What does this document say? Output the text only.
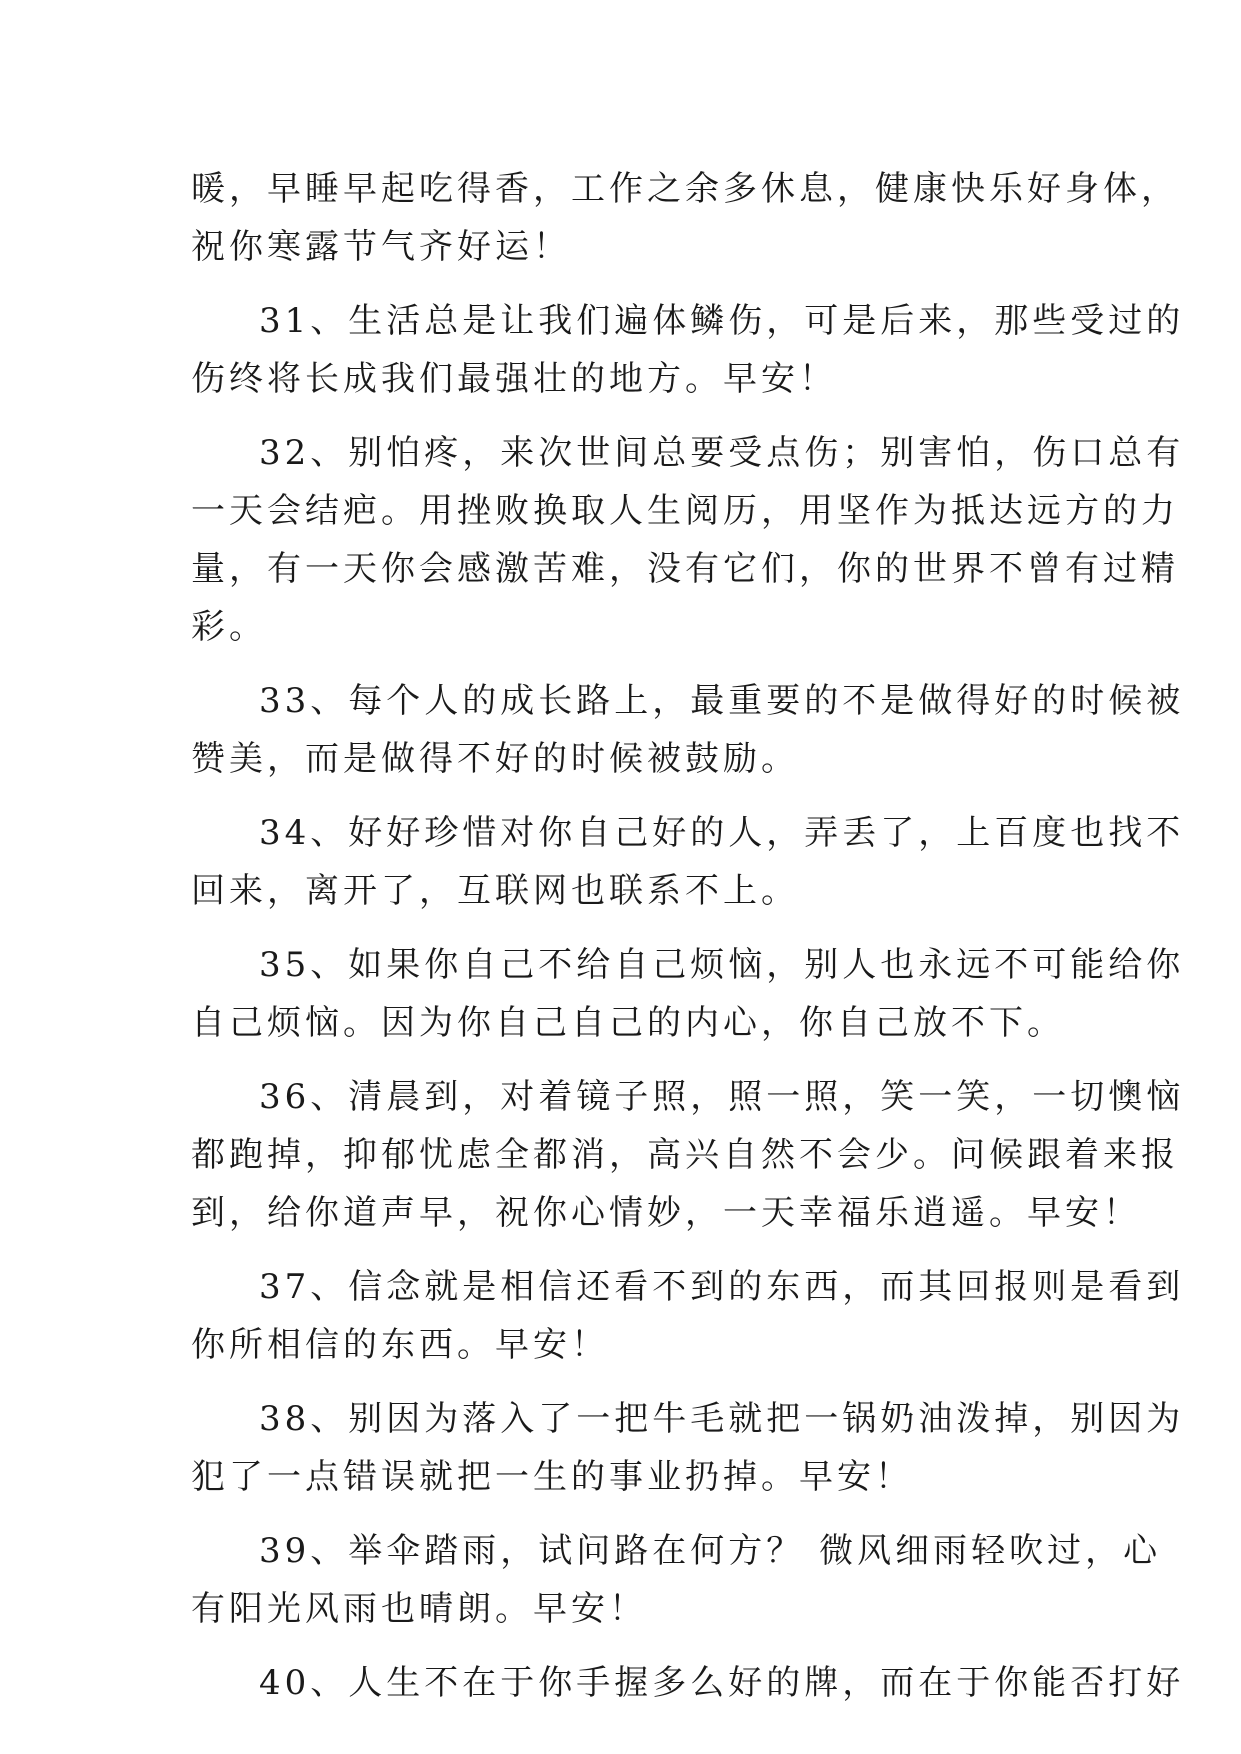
暖，早睡早起吃得香，工作之余多休息，健康快乐好身体，
祝你寒露节气齐好运！
31、生活总是让我们遍体鳞伤，可是后来，那些受过的
伤终将长成我们最强壮的地方。早安！
32、别怕疼，来次世间总要受点伤；别害怕，伤口总有
一天会结疤。用挫败换取人生阅历，用坚作为抵达远方的力
量，有一天你会感激苦难，没有它们，你的世界不曾有过精
彩。
33、每个人的成长路上，最重要的不是做得好的时候被
赞美，而是做得不好的时候被鼓励。
34、好好珍惜对你自己好的人，弄丢了，上百度也找不
回来，离开了，互联网也联系不上。
35、如果你自己不给自己烦恼，别人也永远不可能给你
自己烦恼。因为你自己自己的内心，你自己放不下。
36、清晨到，对着镜子照，照一照，笑一笑，一切懊恼
都跑掉，抑郁忧虑全都消，高兴自然不会少。问候跟着来报
到，给你道声早，祝你心情妙，一天幸福乐逍遥。早安！
37、信念就是相信还看不到的东西，而其回报则是看到
你所相信的东西。早安！
38、别因为落入了一把牛毛就把一锅奶油泼掉，别因为
犯了一点错误就把一生的事业扔掉。早安！
39、举伞踏雨，试问路在何方？ 微风细雨轻吹过，心
有阳光风雨也晴朗。早安！
40、人生不在于你手握多么好的牌，而在于你能否打好
